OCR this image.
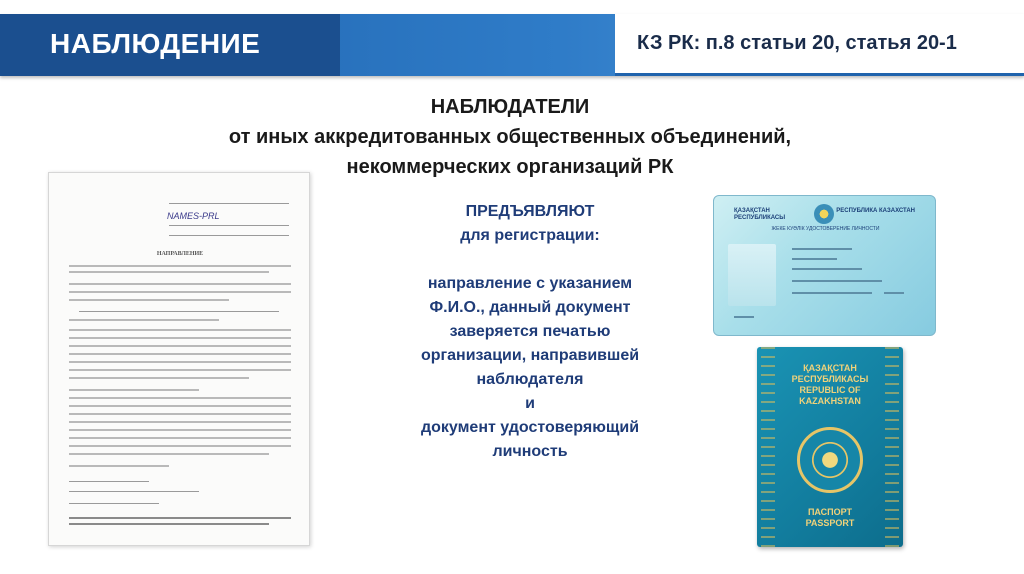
НАБЛЮДЕНИЕ	КЗ РК: п.8 статьи 20, статья 20-1
НАБЛЮДАТЕЛИ
от иных аккредитованных общественных объединений,
некоммерческих организаций РК
NAMES-PRL
НАПРАВЛЕНИЕ
ПРЕДЪЯВЛЯЮТ
для регистрации:
направление с указанием
Ф.И.О., данный документ
заверяется печатью
организации, направившей
наблюдателя
и
документ удостоверяющий
личность
ҚАЗАҚСТАН РЕСПУБЛИКАСЫ
РЕСПУБЛИКА КАЗАХСТАН
ЖЕКЕ КУӘЛІК УДОСТОВЕРЕНИЕ ЛИЧНОСТИ
ҚАЗАҚСТАН
РЕСПУБЛИКАСЫ
REPUBLIC OF
KAZAKHSTAN
ПАСПОРТ
PASSPORT
